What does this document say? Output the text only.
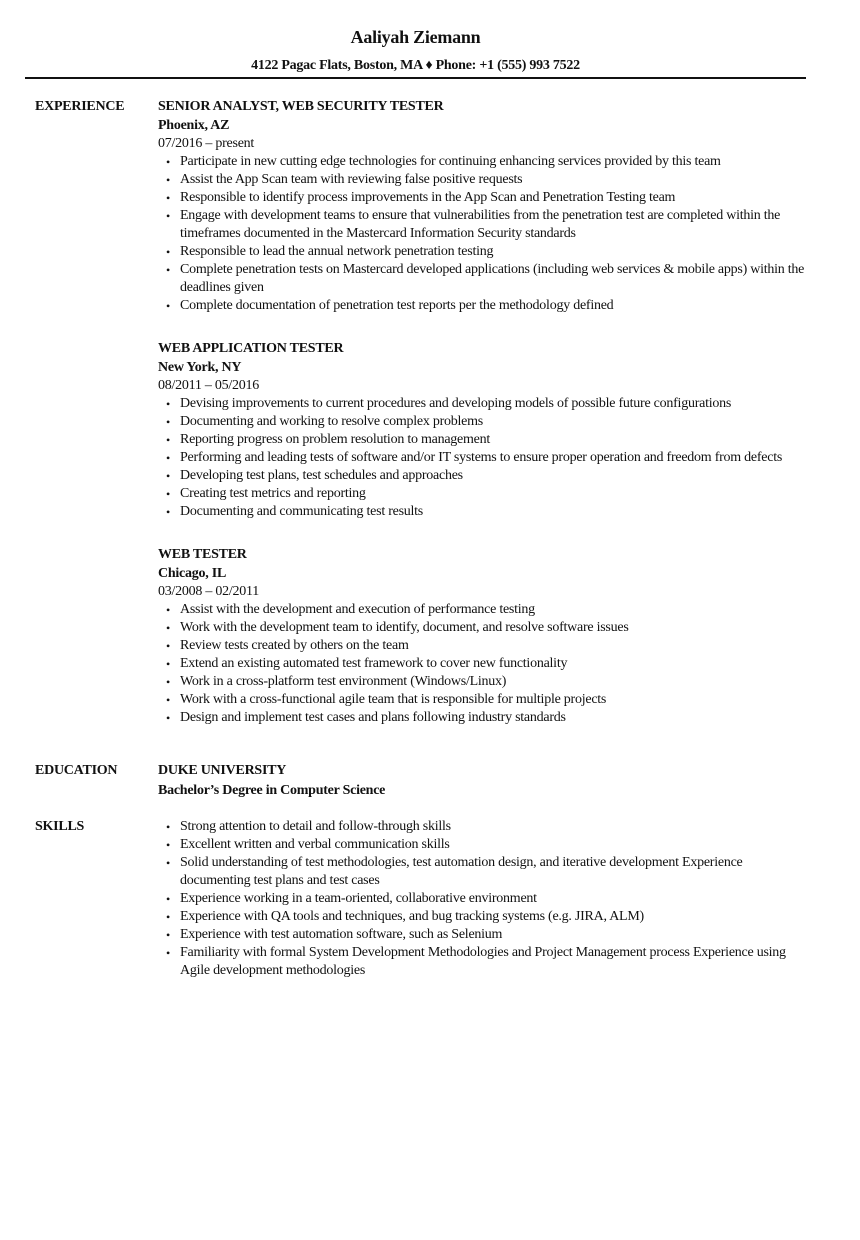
Aaliyah Ziemann
4122 Pagac Flats, Boston, MA ♦ Phone: +1 (555) 993 7522
EXPERIENCE SENIOR ANALYST, WEB SECURITY TESTER
Phoenix, AZ
07/2016 – present
• Participate in new cutting edge technologies for continuing enhancing services provided by this team
• Assist the App Scan team with reviewing false positive requests
• Responsible to identify process improvements in the App Scan and Penetration Testing team
• Engage with development teams to ensure that vulnerabilities from the penetration test are completed within the timeframes documented in the Mastercard Information Security standards
• Responsible to lead the annual network penetration testing
• Complete penetration tests on Mastercard developed applications (including web services & mobile apps) within the deadlines given
• Complete documentation of penetration test reports per the methodology defined
WEB APPLICATION TESTER
New York, NY
08/2011 – 05/2016
• Devising improvements to current procedures and developing models of possible future configurations
• Documenting and working to resolve complex problems
• Reporting progress on problem resolution to management
• Performing and leading tests of software and/or IT systems to ensure proper operation and freedom from defects
• Developing test plans, test schedules and approaches
• Creating test metrics and reporting
• Documenting and communicating test results
WEB TESTER
Chicago, IL
03/2008 – 02/2011
• Assist with the development and execution of performance testing
• Work with the development team to identify, document, and resolve software issues
• Review tests created by others on the team
• Extend an existing automated test framework to cover new functionality
• Work in a cross-platform test environment (Windows/Linux)
• Work with a cross-functional agile team that is responsible for multiple projects
• Design and implement test cases and plans following industry standards
EDUCATION	DUKE UNIVERSITY
Bachelor’s Degree in Computer Science
SKILLS	• Strong attention to detail and follow-through skills
• Excellent written and verbal communication skills
• Solid understanding of test methodologies, test automation design, and iterative development Experience documenting test plans and test cases
• Experience working in a team-oriented, collaborative environment
• Experience with QA tools and techniques, and bug tracking systems (e.g. JIRA, ALM)
• Experience with test automation software, such as Selenium
• Familiarity with formal System Development Methodologies and Project Management process Experience using Agile development methodologies
